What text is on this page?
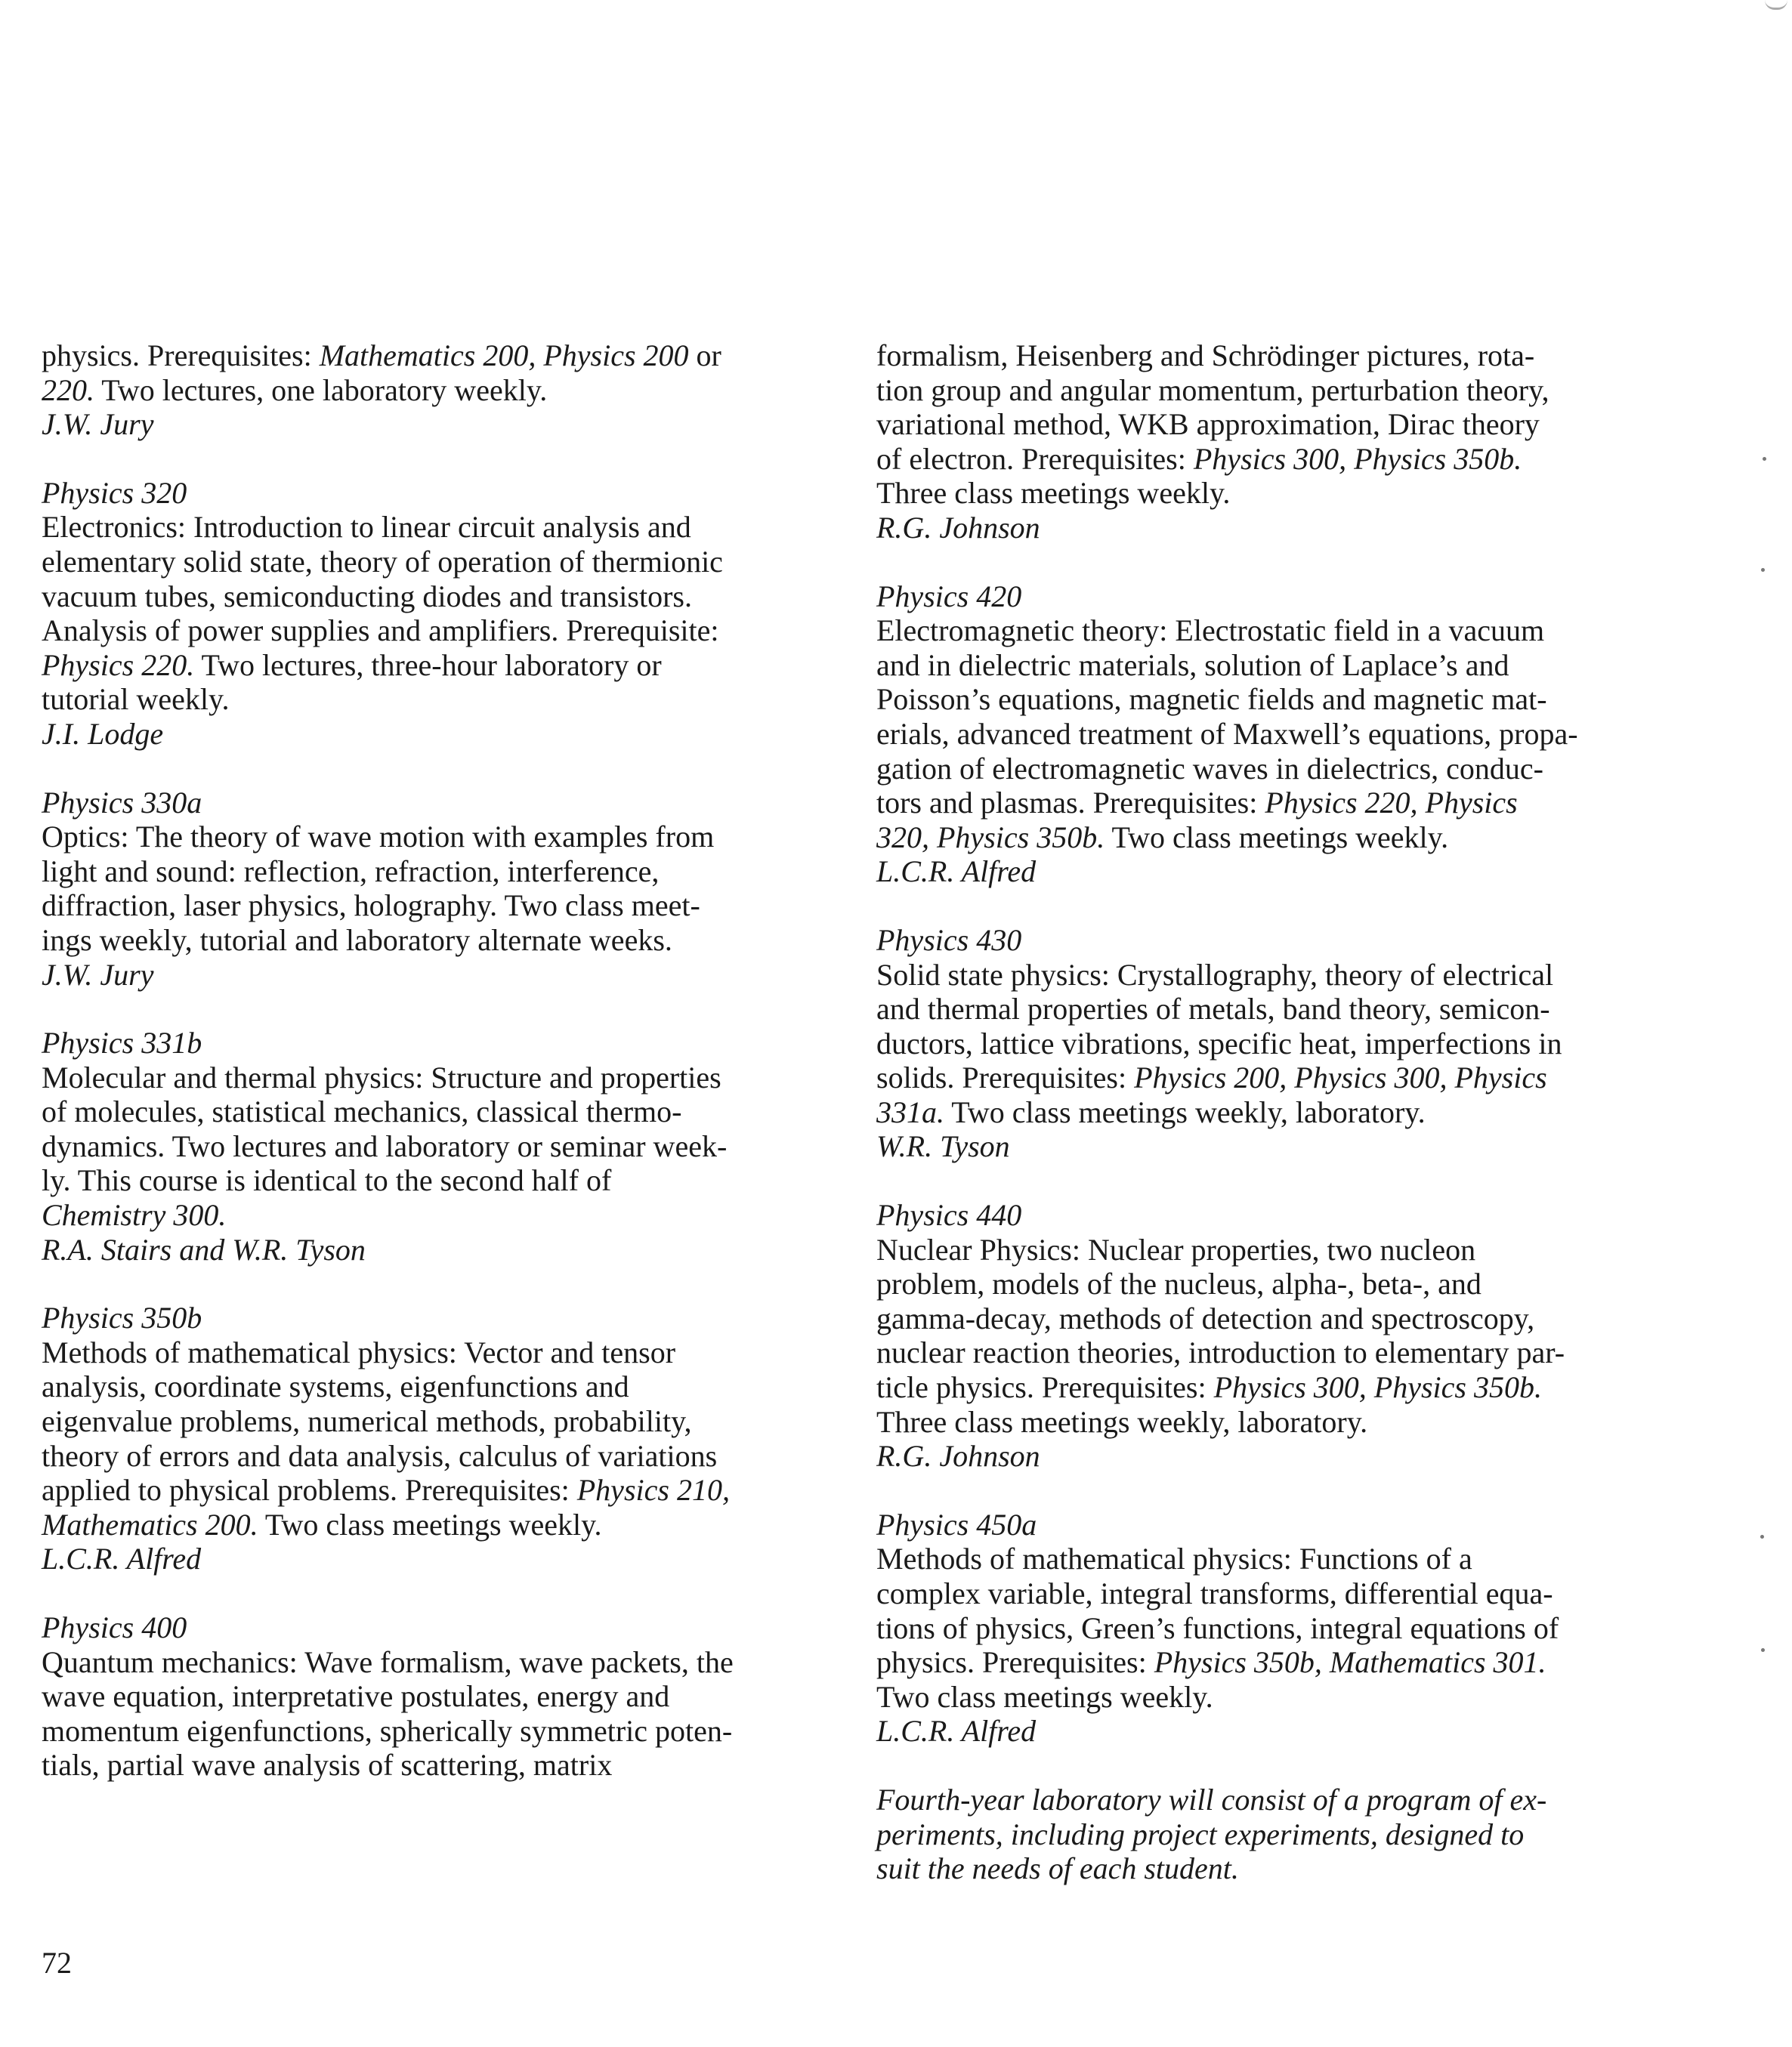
physics. Prerequisites: Mathematics 200, Physics 200 or
220. Two lectures, one laboratory weekly.
J.W. Jury
Physics 320
Electronics: Introduction to linear circuit analysis and
elementary solid state, theory of operation of thermionic
vacuum tubes, semiconducting diodes and transistors.
Analysis of power supplies and amplifiers. Prerequisite:
Physics 220. Two lectures, three-hour laboratory or
tutorial weekly.
J.I. Lodge
Physics 330a
Optics: The theory of wave motion with examples from
light and sound: reflection, refraction, interference,
diffraction, laser physics, holography. Two class meet-
ings weekly, tutorial and laboratory alternate weeks.
J.W. Jury
Physics 331b
Molecular and thermal physics: Structure and properties
of molecules, statistical mechanics, classical thermo-
dynamics. Two lectures and laboratory or seminar week-
ly. This course is identical to the second half of
Chemistry 300.
R.A. Stairs and W.R. Tyson
Physics 350b
Methods of mathematical physics: Vector and tensor
analysis, coordinate systems, eigenfunctions and
eigenvalue problems, numerical methods, probability,
theory of errors and data analysis, calculus of variations
applied to physical problems. Prerequisites: Physics 210,
Mathematics 200. Two class meetings weekly.
L.C.R. Alfred
Physics 400
Quantum mechanics: Wave formalism, wave packets, the
wave equation, interpretative postulates, energy and
momentum eigenfunctions, spherically symmetric poten-
tials, partial wave analysis of scattering, matrix
formalism, Heisenberg and Schrödinger pictures, rota-
tion group and angular momentum, perturbation theory,
variational method, WKB approximation, Dirac theory
of electron. Prerequisites: Physics 300, Physics 350b.
Three class meetings weekly.
R.G. Johnson
Physics 420
Electromagnetic theory: Electrostatic field in a vacuum
and in dielectric materials, solution of Laplace’s and
Poisson’s equations, magnetic fields and magnetic mat-
erials, advanced treatment of Maxwell’s equations, propa-
gation of electromagnetic waves in dielectrics, conduc-
tors and plasmas. Prerequisites: Physics 220, Physics
320, Physics 350b. Two class meetings weekly.
L.C.R. Alfred
Physics 430
Solid state physics: Crystallography, theory of electrical
and thermal properties of metals, band theory, semicon-
ductors, lattice vibrations, specific heat, imperfections in
solids. Prerequisites: Physics 200, Physics 300, Physics
331a. Two class meetings weekly, laboratory.
W.R. Tyson
Physics 440
Nuclear Physics: Nuclear properties, two nucleon
problem, models of the nucleus, alpha-, beta-, and
gamma-decay, methods of detection and spectroscopy,
nuclear reaction theories, introduction to elementary par-
ticle physics. Prerequisites: Physics 300, Physics 350b.
Three class meetings weekly, laboratory.
R.G. Johnson
Physics 450a
Methods of mathematical physics: Functions of a
complex variable, integral transforms, differential equa-
tions of physics, Green’s functions, integral equations of
physics. Prerequisites: Physics 350b, Mathematics 301.
Two class meetings weekly.
L.C.R. Alfred
Fourth-year laboratory will consist of a program of ex-
periments, including project experiments, designed to
suit the needs of each student.
72
